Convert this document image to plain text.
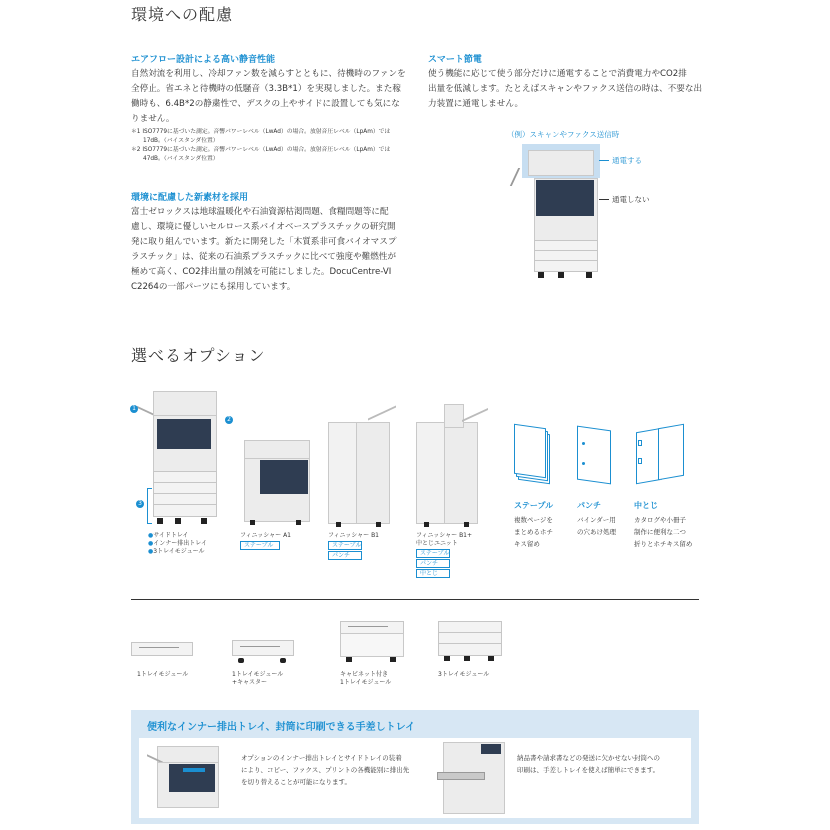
環境への配慮
エアフロー設計による高い静音性能
自然対流を利用し、冷却ファン数を減らすとともに、待機時のファンを
全停止。省エネと待機時の低騒音（3.3B*1）を実現しました。また稼
働時も、6.4B*2の静粛性で、デスクの上やサイドに設置しても気にな
りません。
＊1 ISO7779に基づいた測定。音響パワーレベル（LwAd）の場合。放射音圧レベル（LpAm）では
17dB。（バイスタンダ位置）
＊2 ISO7779に基づいた測定。音響パワーレベル（LwAd）の場合。放射音圧レベル（LpAm）では
47dB。（バイスタンダ位置）
環境に配慮した新素材を採用
富士ゼロックスは地球温暖化や石油資源枯渇問題、食糧問題等に配
慮し、環境に優しいセルロース系バイオベースプラスチックの研究開
発に取り組んでいます。新たに開発した「木質系非可食バイオマスプ
ラスチック」は、従来の石油系プラスチックに比べて強度や難燃性が
極めて高く、CO2排出量の削減を可能にしました。DocuCentre-VI
C2264の一部パーツにも採用しています。
スマート節電
使う機能に応じて使う部分だけに通電することで消費電力やCO2排
出量を低減します。たとえばスキャンやファクス送信の時は、不要な出
力装置に通電しません。
（例）スキャンやファクス送信時
通電する
通電しない
選べるオプション
1
2
3
●サイドトレイ
●インナー排出トレイ
●3トレイモジュール
フィニッシャー A1
ステープル
フィニッシャー B1
ステープル
パンチ
フィニッシャー B1+
中とじユニット
ステープル
パンチ
中とじ
ステープル
複数ページを
まとめるホチ
キス留め
パンチ
バインダー用
の穴あけ処理
中とじ
カタログや小冊子
制作に便利な二つ
折りとホチキス留め
1トレイモジュール	1トレイモジュール
+キャスター
キャビネット付き
1トレイモジュール
3トレイモジュール
便利なインナー排出トレイ、封筒に印刷できる手差しトレイ
オプションのインナー排出トレイとサイドトレイの装着
により、コピー、ファクス、プリントの各機能別に排出先
を切り替えることが可能になります。
納品書や請求書などの発送に欠かせない封筒への
印刷は、手差しトレイを使えば簡単にできます。
